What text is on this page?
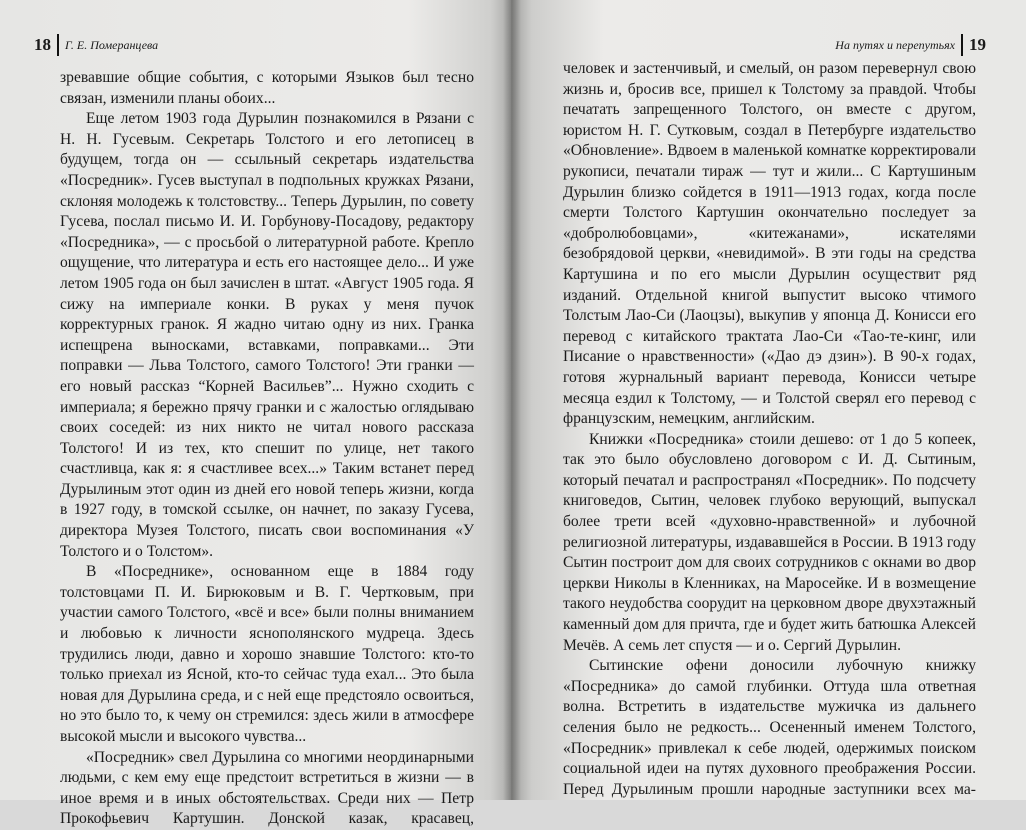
18 Г. Е. Померанцева

зревавшие общие события, с которыми Языков был тесно связан, изменили планы обоих...

Еще летом 1903 года Дурылин познакомился в Рязани с Н. Н. Гусевым. Секретарь Толстого и его летописец в будущем, тогда он — ссыльный секретарь издательства «Посредник». Гусев выступал в подпольных кружках Рязани, склоняя молодежь к толстовству... Теперь Дурылин, по совету Гусева, послал письмо И. И. Горбунову-Посадову, редактору «Посредника», — с просьбой о литературной работе. Крепло ощущение, что литература и есть его настоящее дело... И уже летом 1905 года он был зачислен в штат. «Август 1905 года. Я сижу на империале конки. В руках у меня пучок корректурных гранок. Я жадно читаю одну из них. Гранка испещрена выносками, вставками, поправками... Эти поправки — Льва Толстого, самого Толстого! Эти гранки — его новый рассказ “Корней Васильев”... Нужно сходить с империала; я бережно прячу гранки и с жалостью оглядываю своих соседей: из них никто не читал нового рассказа Толстого! И из тех, кто спешит по улице, нет такого счастливца, как я: я счастливее всех...» Таким встанет перед Дурылиным этот один из дней его новой теперь жизни, когда в 1927 году, в томской ссылке, он начнет, по заказу Гусева, директора Музея Толстого, писать свои воспоминания «У Толстого и о Толстом».

В «Посреднике», основанном еще в 1884 году толстовцами П. И. Бирюковым и В. Г. Чертковым, при участии самого Толстого, «всё и все» были полны вниманием и любовью к личности яснополянского мудреца. Здесь трудились люди, давно и хорошо знавшие Толстого: кто-то только приехал из Ясной, кто-то сейчас туда ехал... Это была новая для Дурылина среда, и с ней еще предстояло освоиться, но это было то, к чему он стремился: здесь жили в атмосфере высокой мысли и высокого чувства...

«Посредник» свел Дурылина со многими неординарными людьми, с кем ему еще предстоит встретиться в жизни — в иное время и в иных обстоятельствах. Среди них — Петр Прокофьевич Картушин. Донской казак, красавец,

На путях и перепутьях 19

человек и застенчивый, и смелый, он разом перевернул свою жизнь и, бросив все, пришел к Толстому за правдой. Чтобы печатать запрещенного Толстого, он вместе с другом, юристом Н. Г. Сутковым, создал в Петербурге издательство «Обновление». Вдвоем в маленькой комнатке корректировали рукописи, печатали тираж — тут и жили... С Картушиным Дурылин близко сойдется в 1911—1913 годах, когда после смерти Толстого Картушин окончательно последует за «добролюбовцами», «китежанами», искателями безобрядовой церкви, «невидимой». В эти годы на средства Картушина и по его мысли Дурылин осуществит ряд изданий. Отдельной книгой выпустит высоко чтимого Толстым Лао-Си (Лаоцзы), выкупив у японца Д. Конисси его перевод с китайского трактата Лао-Си «Тао-те-кинг, или Писание о нравственности» («Дао дэ дзин»). В 90-х годах, готовя журнальный вариант перевода, Конисси четыре месяца ездил к Толстому, — и Толстой сверял его перевод с французским, немецким, английским.

Книжки «Посредника» стоили дешево: от 1 до 5 копеек, так это было обусловлено договором с И. Д. Сытиным, который печатал и распространял «Посредник». По подсчету книговедов, Сытин, человек глубоко верующий, выпускал более трети всей «духовно-нравственной» и лубочной религиозной литературы, издававшейся в России. В 1913 году Сытин построит дом для своих сотрудников с окнами во двор церкви Николы в Кленниках, на Маросейке. И в возмещение такого неудобства соорудит на церковном дворе двухэтажный каменный дом для причта, где и будет жить батюшка Алексей Мечёв. А семь лет спустя — и о. Сергий Дурылин.

Сытинские офени доносили лубочную книжку «Посредника» до самой глубинки. Оттуда шла ответная волна. Встретить в издательстве мужичка из дальнего селения было не редкость... Осененный именем Толстого, «Посредник» привлекал к себе людей, одержимых поиском социальной идеи на путях духовного преображения России. Перед Дурылиным прошли народные заступники всех ма-
